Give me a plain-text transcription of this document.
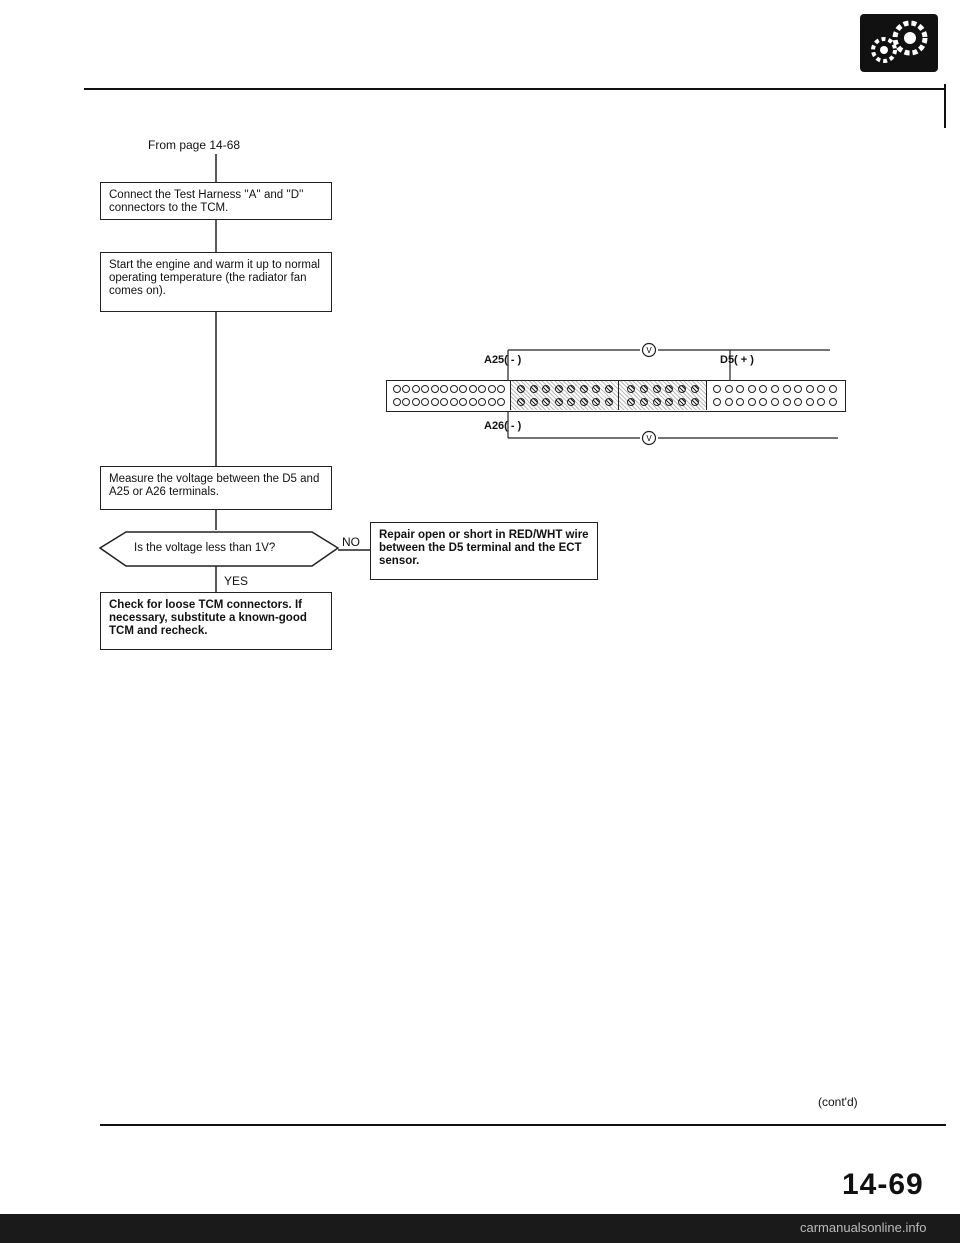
From page 14-68
Connect the Test Harness ''A'' and ''D'' connectors to the TCM.
Start the engine and warm it up to normal operating temperature (the radiator fan comes on).
Measure the voltage between the D5 and A25 or A26 terminals.
Is the voltage less than 1V?	NO
YES
Repair open or short in RED/WHT wire between the D5 terminal and the ECT sensor.
Check for loose TCM connectors. If necessary, substitute a known-good TCM and recheck.
V
V
A25( - )	D5( + )
A26( - )
(cont'd)
14-69
carmanualsonline.info
